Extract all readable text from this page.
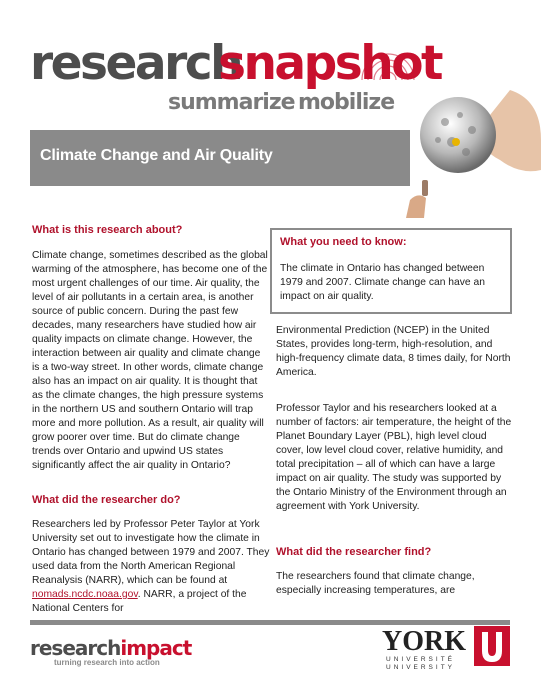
research
snapshot
summarize mobilize
Climate Change and Air Quality
What is this research about?
Climate change, sometimes described as the global warming of the atmosphere, has become one of the most urgent challenges of our time. Air quality, the level of air pollutants in a certain area, is another source of public concern. During the past few decades, many researchers have studied how air quality impacts on climate change. However, the interaction between air quality and climate change is a two-way street. In other words, climate change also has an impact on air quality. It is thought that as the climate changes, the high pressure systems in the northern US and southern Ontario will trap more and more pollution. As a result, air quality will grow poorer over time. But do climate change trends over Ontario and upwind US states significantly affect the air quality in Ontario?
What did the researcher do?
Researchers led by Professor Peter Taylor at York University set out to investigate how the climate in Ontario has changed between 1979 and 2007. They used data from the North American Regional Reanalysis (NARR), which can be found at nomads.ncdc.noaa.gov. NARR, a project of the National Centers for
What you need to know:
The climate in Ontario has changed between 1979 and 2007. Climate change can have an impact on air quality.
Environmental Prediction (NCEP) in the United States, provides long-term, high-resolution, and high-frequency climate data, 8 times daily, for North America.
Professor Taylor and his researchers looked at a number of factors: air temperature, the height of the Planet Boundary Layer (PBL), high level cloud cover, low level cloud cover, relative humidity, and total precipitation – all of which can have a large impact on air quality. The study was supported by the Ontario Ministry of the Environment through an agreement with York University.
What did the researcher find?
The researchers found that climate change, especially increasing temperatures, are
researchimpact
turning research into action
YORK
UNIVERSITÉ
UNIVERSITY
